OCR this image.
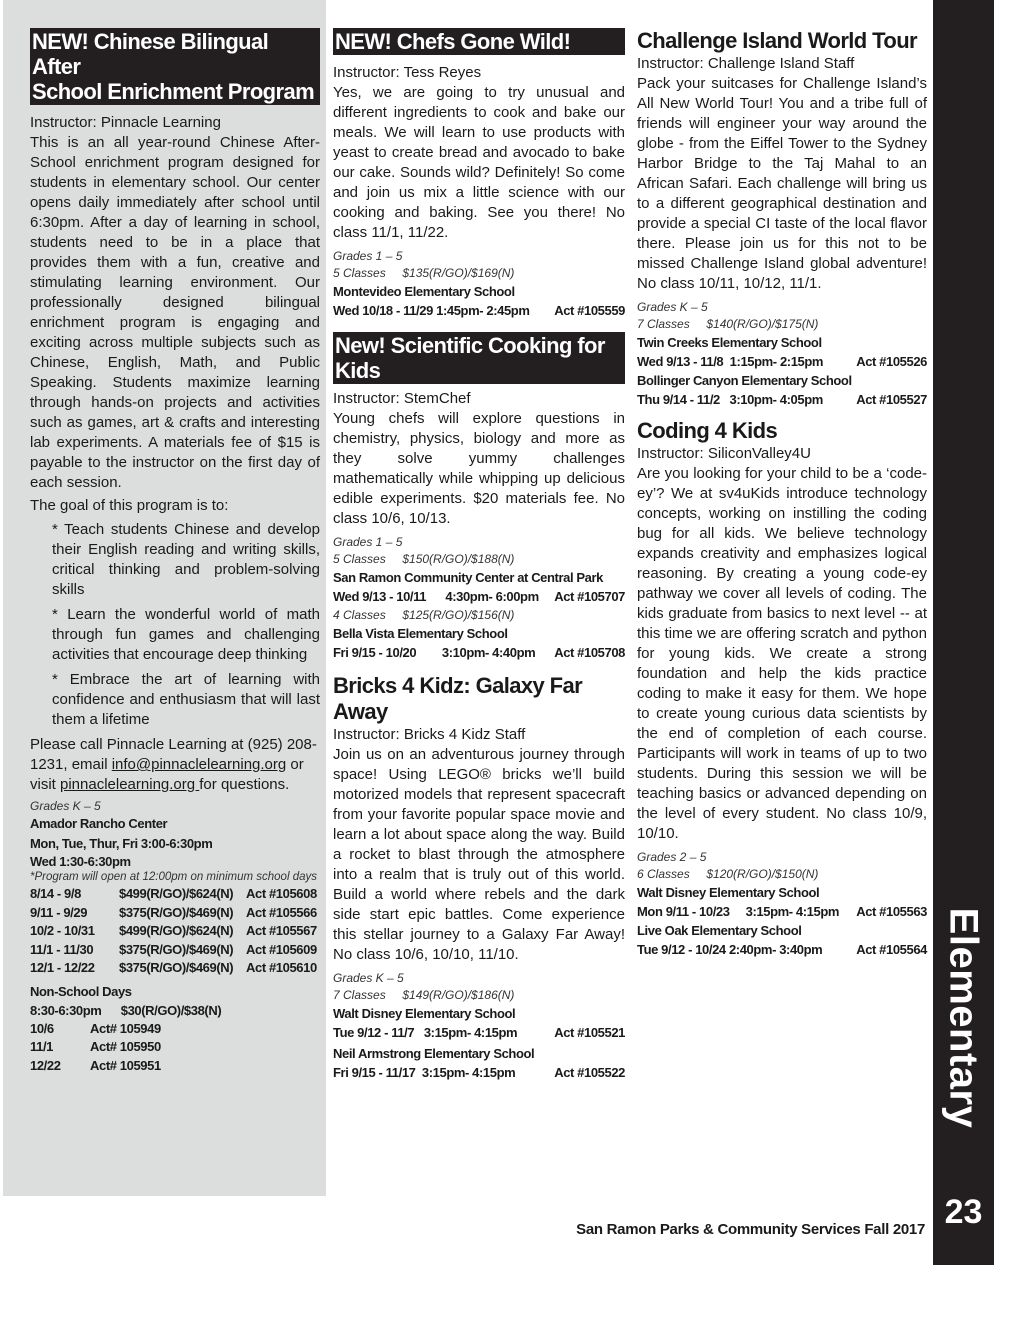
NEW! Chinese Bilingual After
School Enrichment Program
Instructor: Pinnacle Learning
This is an all year-round Chinese After-School enrichment program designed for students in elementary school. Our center opens daily immediately after school until 6:30pm. After a day of learning in school, students need to be in a place that provides them with a fun, creative and stimulating learning environment. Our professionally designed bilingual enrichment program is engaging and exciting across multiple subjects such as Chinese, English, Math, and Public Speaking. Students maximize learning through hands-on projects and activities such as games, art & crafts and interesting lab experiments. A materials fee of $15 is payable to the instructor on the first day of each session.
The goal of this program is to:
* Teach students Chinese and develop their English reading and writing skills, critical thinking and problem-solving skills
* Learn the wonderful world of math through fun games and challenging activities that encourage deep thinking
* Embrace the art of learning with confidence and enthusiasm that will last them a lifetime
Please call Pinnacle Learning at (925) 208-1231, email info@pinnaclelearning.org or visit pinnaclelearning.org for questions.
Grades K – 5
Amador Rancho Center
Mon, Tue, Thur, Fri 3:00-6:30pm
Wed 1:30-6:30pm
*Program will open at 12:00pm on minimum school days
8/14 - 9/8	$499(R/GO)/$624(N) Act #105608
9/11 - 9/29	$375(R/GO)/$469(N) Act #105566
10/2 - 10/31	$499(R/GO)/$624(N) Act #105567
11/1 - 11/30	$375(R/GO)/$469(N) Act #105609
12/1 - 12/22	$375(R/GO)/$469(N) Act #105610
Non-School Days
8:30-6:30pm      $30(R/GO)/$38(N)
10/6	Act# 105949
11/1	Act# 105950
12/22	Act# 105951
NEW! Chefs Gone Wild!
Instructor: Tess Reyes
Yes, we are going to try unusual and different ingredients to cook and bake our meals. We will learn to use products with yeast to create bread and avocado to bake our cake. Sounds wild? Definitely! So come and join us mix a little science with our cooking and baking. See you there! No class 11/1, 11/22.
Grades 1 – 5
5 Classes     $135(R/GO)/$169(N)
Montevideo Elementary School
Wed 10/18 - 11/29 1:45pm- 2:45pm Act #105559
New! Scientific Cooking for
Kids
Instructor: StemChef
Young chefs will explore questions in chemistry, physics, biology and more as they solve yummy challenges mathematically while whipping up delicious edible experiments. $20 materials fee. No class 10/6, 10/13.
Grades 1 – 5
5 Classes     $150(R/GO)/$188(N)
San Ramon Community Center at Central Park
Wed 9/13 - 10/11      4:30pm- 6:00pm Act #105707
4 Classes     $125(R/GO)/$156(N)
Bella Vista Elementary School
Fri 9/15 - 10/20        3:10pm- 4:40pm Act #105708
Bricks 4 Kidz: Galaxy Far Away
Instructor: Bricks 4 Kidz Staff
Join us on an adventurous journey through space! Using LEGO® bricks we’ll build motorized models that represent spacecraft from your favorite popular space movie and learn a lot about space along the way. Build a rocket to blast through the atmosphere into a realm that is truly out of this world. Build a world where rebels and the dark side start epic battles. Come experience this stellar journey to a Galaxy Far Away! No class 10/6, 10/10, 11/10.
Grades K – 5
7 Classes     $149(R/GO)/$186(N)
Walt Disney Elementary School
Tue 9/12 - 11/7   3:15pm- 4:15pm	Act #105521
Neil Armstrong Elementary School
Fri 9/15 - 11/17  3:15pm- 4:15pm	Act #105522
Challenge Island World Tour
Instructor: Challenge Island Staff
Pack your suitcases for Challenge Island’s All New World Tour! You and a tribe full of friends will engineer your way around the globe - from the Eiffel Tower to the Sydney Harbor Bridge to the Taj Mahal to an African Safari. Each challenge will bring us to a different geographical destination and provide a special CI taste of the local flavor there. Please join us for this not to be missed Challenge Island global adventure! No class 10/11, 10/12, 11/1.
Grades K – 5
7 Classes     $140(R/GO)/$175(N)
Twin Creeks Elementary School
Wed 9/13 - 11/8  1:15pm- 2:15pm	Act #105526
Bollinger Canyon Elementary School
Thu 9/14 - 11/2   3:10pm- 4:05pm	Act #105527
Coding 4 Kids
Instructor: SiliconValley4U
Are you looking for your child to be a ‘code-ey’? We at sv4uKids introduce technology concepts, working on instilling the coding bug for all kids. We believe technology expands creativity and emphasizes logical reasoning. By creating a young code-ey pathway we cover all levels of coding. The kids graduate from basics to next level -- at this time we are offering scratch and python for young kids. We create a strong foundation and help the kids practice coding to make it easy for them. We hope to create young curious data scientists by the end of completion of each course. Participants will work in teams of up to two students. During this session we will be teaching basics or advanced depending on the level of every student. No class 10/9, 10/10.
Grades 2 – 5
6 Classes     $120(R/GO)/$150(N)
Walt Disney Elementary School
Mon 9/11 - 10/23     3:15pm- 4:15pm Act #105563
Live Oak Elementary School
Tue 9/12 - 10/24 2:40pm- 3:40pm	Act #105564 Elementary
23
San Ramon Parks & Community Services Fall 2017
